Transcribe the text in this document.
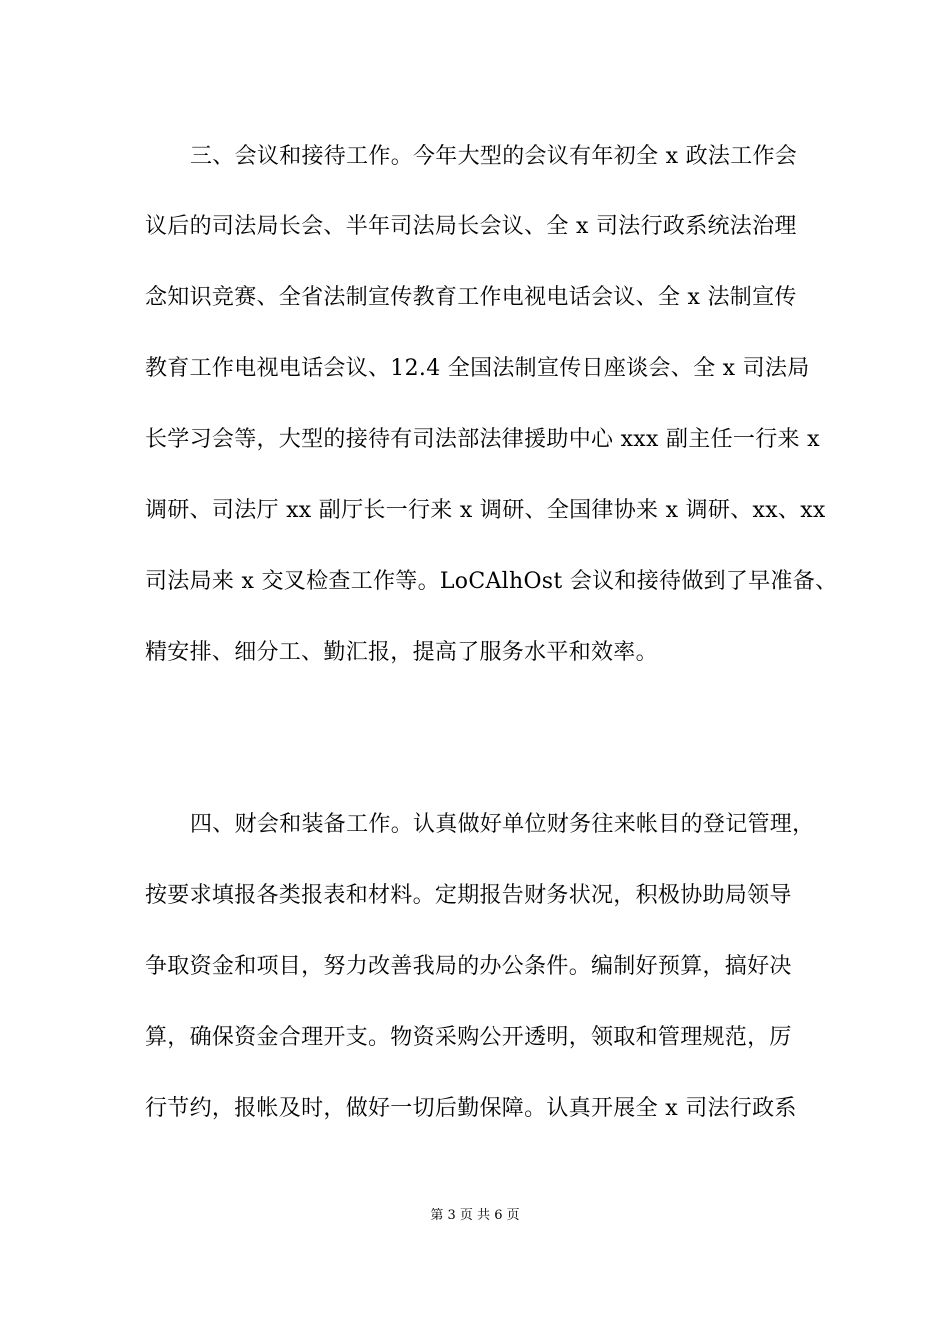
三、会议和接待工作。今年大型的会议有年初全 x 政法工作会
议后的司法局长会、半年司法局长会议、全 x 司法行政系统法治理
念知识竞赛、全省法制宣传教育工作电视电话会议、全 x 法制宣传
教育工作电视电话会议、12.4 全国法制宣传日座谈会、全 x 司法局
长学习会等，大型的接待有司法部法律援助中心 xxx 副主任一行来 x
调研、司法厅 xx 副厅长一行来 x 调研、全国律协来 x 调研、xx、xx
司法局来 x 交叉检查工作等。LoCAlhOst 会议和接待做到了早准备、
精安排、细分工、勤汇报，提高了服务水平和效率。
四、财会和装备工作。认真做好单位财务往来帐目的登记管理，
按要求填报各类报表和材料。定期报告财务状况，积极协助局领导
争取资金和项目，努力改善我局的办公条件。编制好预算，搞好决
算，确保资金合理开支。物资采购公开透明，领取和管理规范，厉
行节约，报帐及时，做好一切后勤保障。认真开展全 x 司法行政系
第 3 页 共 6 页
